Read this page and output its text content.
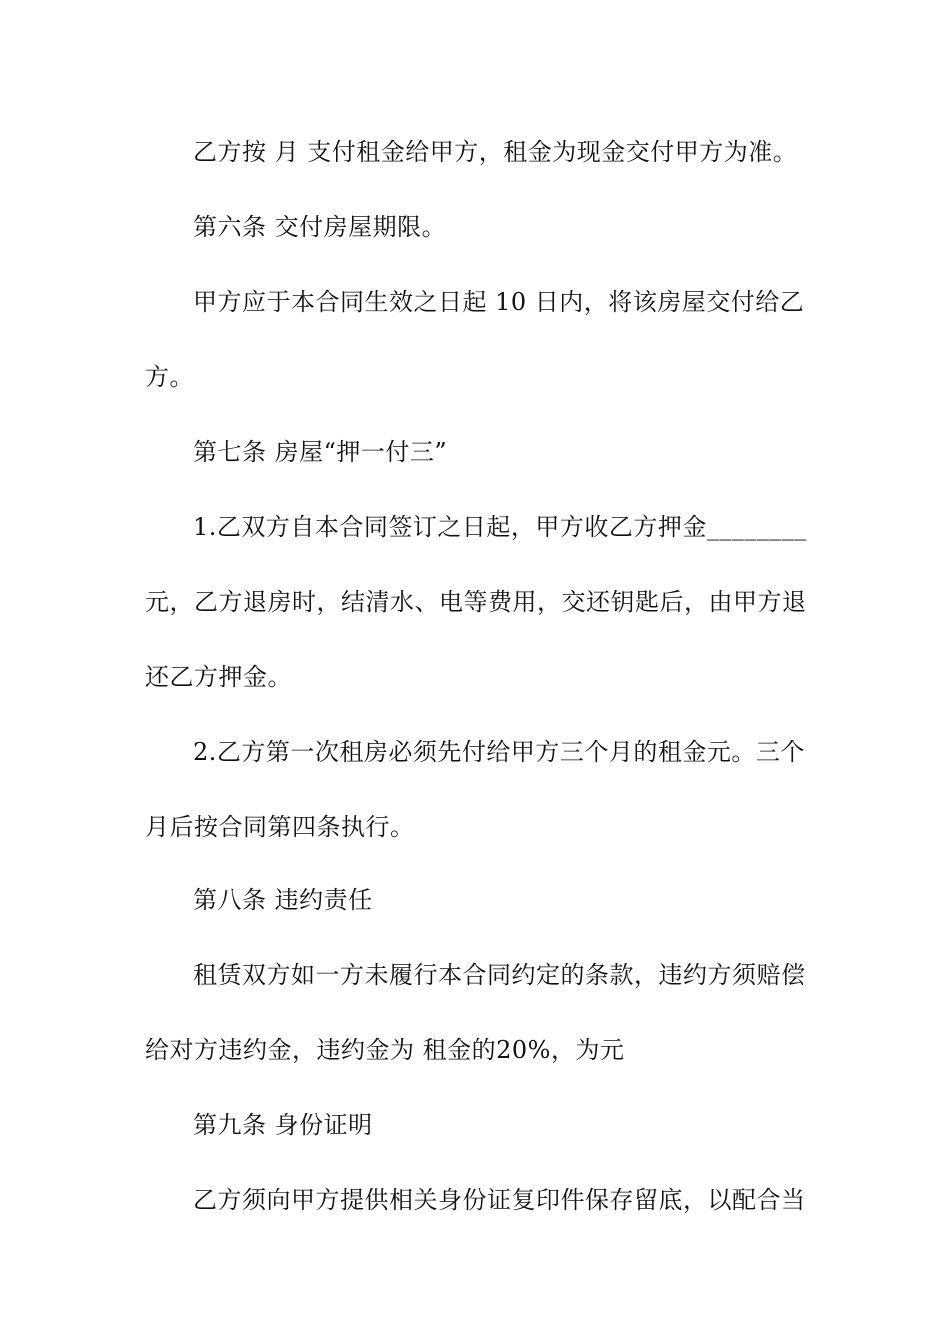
乙方按 月 支付租金给甲方，租金为现金交付甲方为准。
第六条 交付房屋期限。
甲方应于本合同生效之日起 10 日内，将该房屋交付给乙
方。
第七条 房屋“押一付三”
1.乙双方自本合同签订之日起，甲方收乙方押金________
元，乙方退房时，结清水、电等费用，交还钥匙后，由甲方退
还乙方押金。
2.乙方第一次租房必须先付给甲方三个月的租金元。三个
月后按合同第四条执行。
第八条 违约责任
租赁双方如一方未履行本合同约定的条款，违约方须赔偿
给对方违约金，违约金为 租金的20%，为元
第九条 身份证明
乙方须向甲方提供相关身份证复印件保存留底，以配合当
